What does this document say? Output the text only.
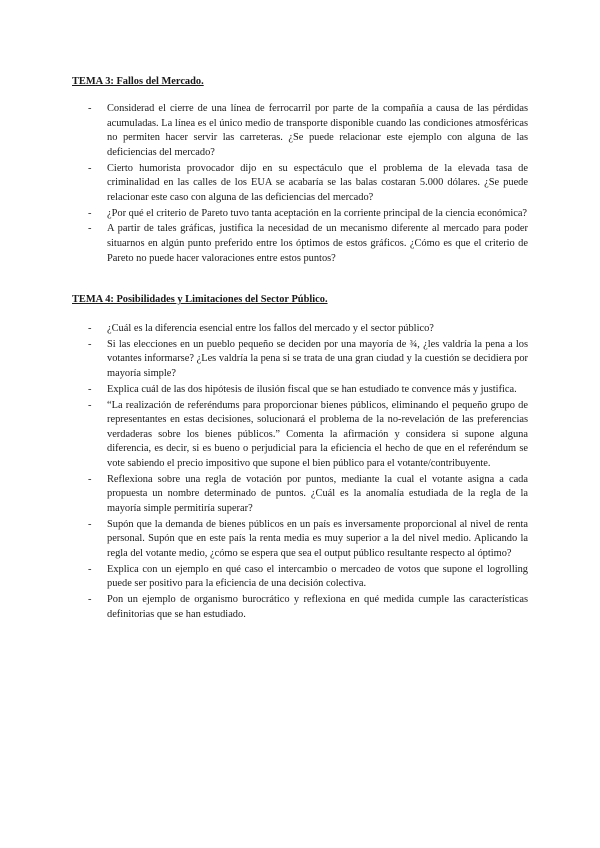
TEMA 3: Fallos del Mercado.

- Considerad el cierre de una línea de ferrocarril por parte de la compañía a causa de las pérdidas acumuladas. La línea es el único medio de transporte disponible cuando las condiciones atmosféricas no permiten hacer servir las carreteras. ¿Se puede relacionar este ejemplo con alguna de las deficiencias del mercado?
- Cierto humorista provocador dijo en su espectáculo que el problema de la elevada tasa de criminalidad en las calles de los EUA se acabaría se las balas costaran 5.000 dólares. ¿Se puede relacionar este caso con alguna de las deficiencias del mercado?
- ¿Por qué el criterio de Pareto tuvo tanta aceptación en la corriente principal de la ciencia económica?
- A partir de tales gráficas, justifica la necesidad de un mecanismo diferente al mercado para poder situarnos en algún punto preferido entre los óptimos de estos gráficos. ¿Cómo es que el criterio de Pareto no puede hacer valoraciones entre estos puntos?

TEMA 4: Posibilidades y Limitaciones del Sector Público.

- ¿Cuál es la diferencia esencial entre los fallos del mercado y el sector público?
- Si las elecciones en un pueblo pequeño se deciden por una mayoría de ¾, ¿les valdría la pena a los votantes informarse? ¿Les valdría la pena si se trata de una gran ciudad y la cuestión se decidiera por mayoría simple?
- Explica cuál de las dos hipótesis de ilusión fiscal que se han estudiado te convence más y justifica.
- “La realización de referéndums para proporcionar bienes públicos, eliminando el pequeño grupo de representantes en estas decisiones, solucionará el problema de la no-revelación de las preferencias verdaderas sobre los bienes públicos.” Comenta la afirmación y considera si supone alguna diferencia, es decir, si es bueno o perjudicial para la eficiencia el hecho de que en el referéndum se vote sabiendo el precio impositivo que supone el bien público para el votante/contribuyente.
- Reflexiona sobre una regla de votación por puntos, mediante la cual el votante asigna a cada propuesta un nombre determinado de puntos. ¿Cuál es la anomalía estudiada de la regla de la mayoría simple permitiría superar?
- Supón que la demanda de bienes públicos en un país es inversamente proporcional al nivel de renta personal. Supón que en este país la renta media es muy superior a la del nivel medio. Aplicando la regla del votante medio, ¿cómo se espera que sea el output público resultante respecto al óptimo?
- Explica con un ejemplo en qué caso el intercambio o mercadeo de votos que supone el logrolling puede ser positivo para la eficiencia de una decisión colectiva.
- Pon un ejemplo de organismo burocrático y reflexiona en qué medida cumple las características definitorias que se han estudiado.
